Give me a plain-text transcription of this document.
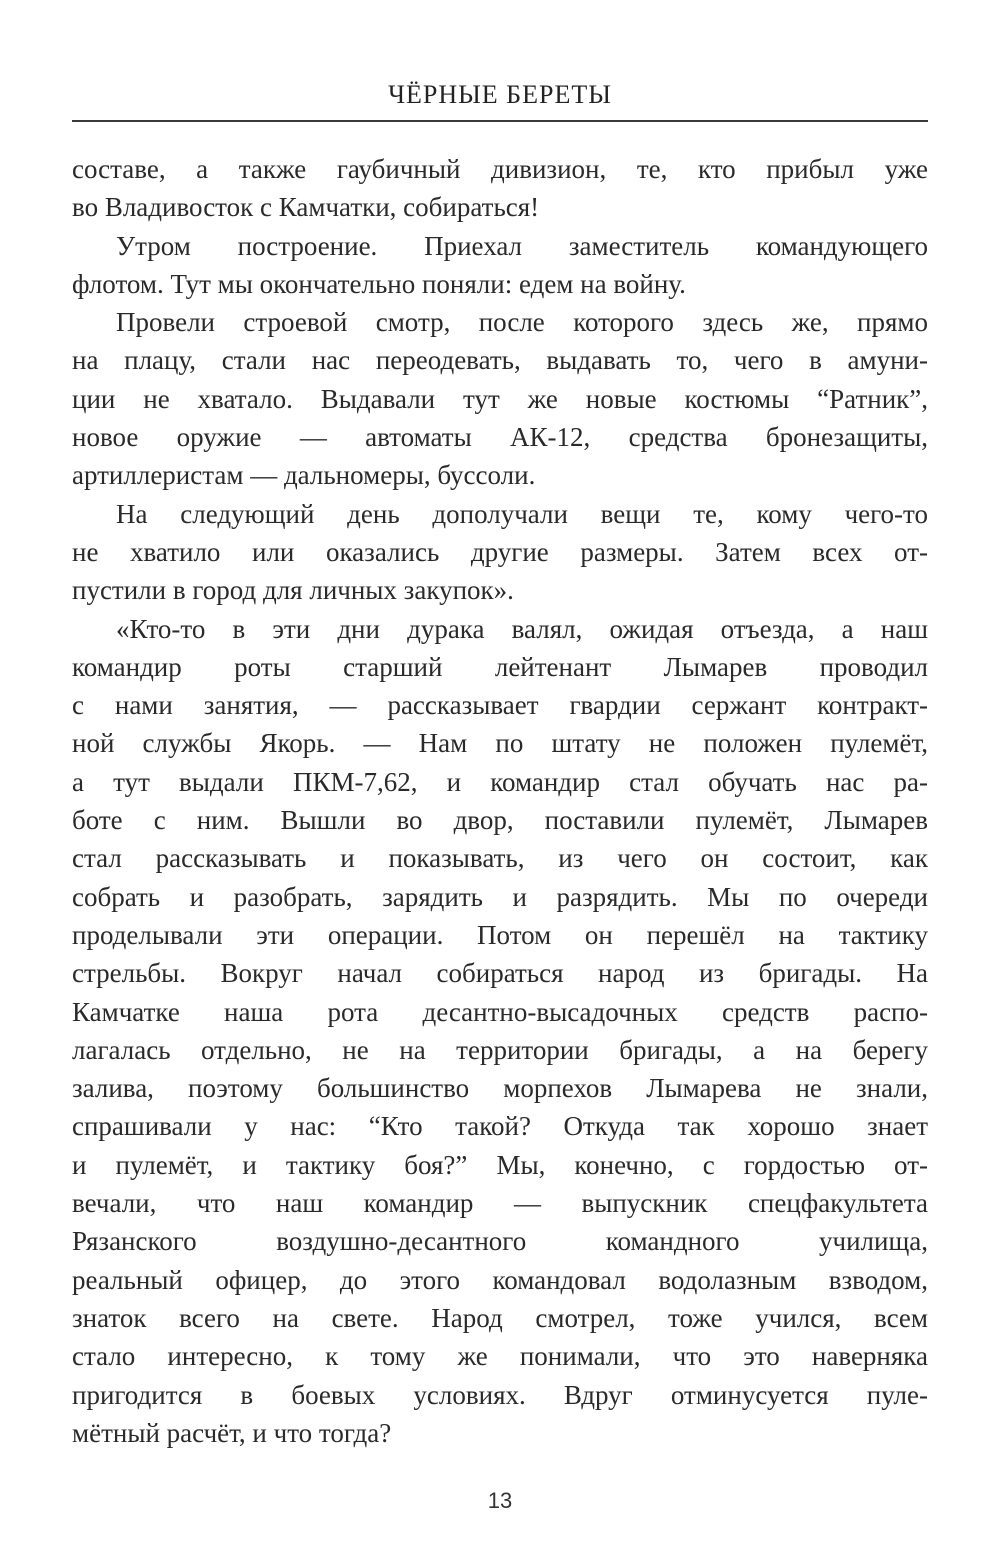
ЧЁРНЫЕ БЕРЕТЫ
составе, а также гаубичный дивизион, те, кто прибыл уже
во Владивосток с Камчатки, собираться!
Утром построение. Приехал заместитель командующего
флотом. Тут мы окончательно поняли: едем на войну.
Провели строевой смотр, после которого здесь же, прямо
на плацу, стали нас переодевать, выдавать то, чего в амуни-
ции не хватало. Выдавали тут же новые костюмы “Ратник”,
новое оружие — автоматы АК-12, средства бронезащиты,
артиллеристам — дальномеры, буссоли.
На следующий день дополучали вещи те, кому чего-то
не хватило или оказались другие размеры. Затем всех от-
пустили в город для личных закупок».
«Кто-то в эти дни дурака валял, ожидая отъезда, а наш
командир роты старший лейтенант Лымарев проводил
с нами занятия, — рассказывает гвардии сержант контракт-
ной службы Якорь. — Нам по штату не положен пулемёт,
а тут выдали ПКМ-7,62, и командир стал обучать нас ра-
боте с ним. Вышли во двор, поставили пулемёт, Лымарев
стал рассказывать и показывать, из чего он состоит, как
собрать и разобрать, зарядить и разрядить. Мы по очереди
проделывали эти операции. Потом он перешёл на тактику
стрельбы. Вокруг начал собираться народ из бригады. На
Камчатке наша рота десантно-высадочных средств распо-
лагалась отдельно, не на территории бригады, а на берегу
залива, поэтому большинство морпехов Лымарева не знали,
спрашивали у нас: “Кто такой? Откуда так хорошо знает
и пулемёт, и тактику боя?” Мы, конечно, с гордостью от-
вечали, что наш командир — выпускник спецфакультета
Рязанского воздушно-десантного командного училища,
реальный офицер, до этого командовал водолазным взводом,
знаток всего на свете. Народ смотрел, тоже учился, всем
стало интересно, к тому же понимали, что это наверняка
пригодится в боевых условиях. Вдруг отминусуется пуле-
мётный расчёт, и что тогда?
13
